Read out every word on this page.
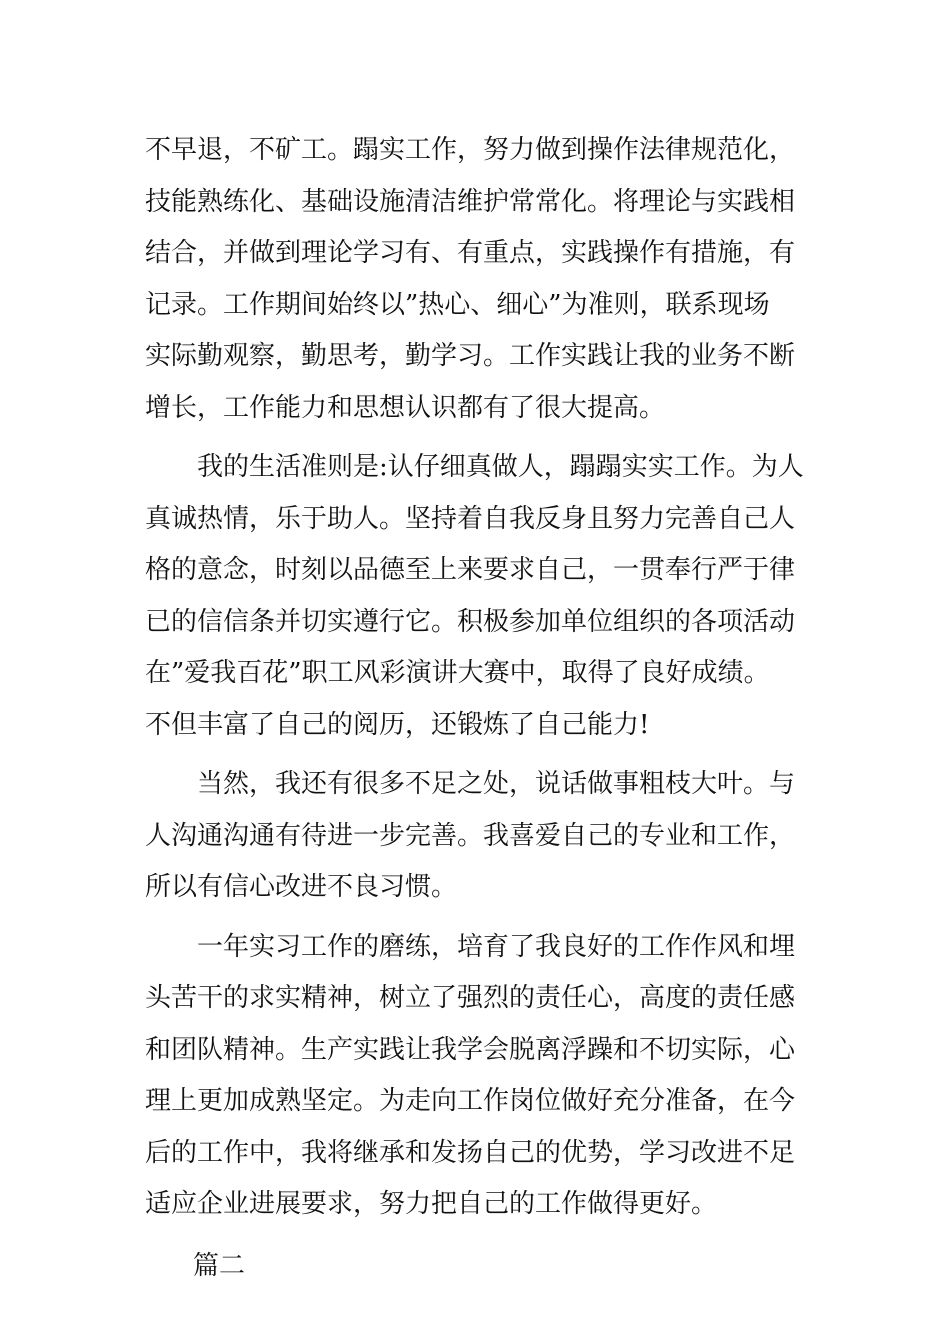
不早退，不矿工。蹋实工作，努力做到操作法律规范化，
技能熟练化、基础设施清洁维护常常化。将理论与实践相
结合，并做到理论学习有、有重点，实践操作有措施，有
记录。工作期间始终以”热心、细心”为准则，联系现场
实际勤观察，勤思考，勤学习。工作实践让我的业务不断
增长，工作能力和思想认识都有了很大提高。
我的生活准则是:认仔细真做人，蹋蹋实实工作。为人
真诚热情，乐于助人。坚持着自我反身且努力完善自己人
格的意念，时刻以品德至上来要求自己，一贯奉行严于律
已的信信条并切实遵行它。积极参加单位组织的各项活动
在”爱我百花”职工风彩演讲大赛中，取得了良好成绩。
不但丰富了自己的阅历，还锻炼了自己能力!
当然，我还有很多不足之处，说话做事粗枝大叶。与
人沟通沟通有待进一步完善。我喜爱自己的专业和工作，
所以有信心改进不良习惯。
一年实习工作的磨练，培育了我良好的工作作风和埋
头苦干的求实精神，树立了强烈的责任心，高度的责任感
和团队精神。生产实践让我学会脱离浮躁和不切实际，心
理上更加成熟坚定。为走向工作岗位做好充分准备，在今
后的工作中，我将继承和发扬自己的优势，学习改进不足
适应企业进展要求，努力把自己的工作做得更好。
篇二
